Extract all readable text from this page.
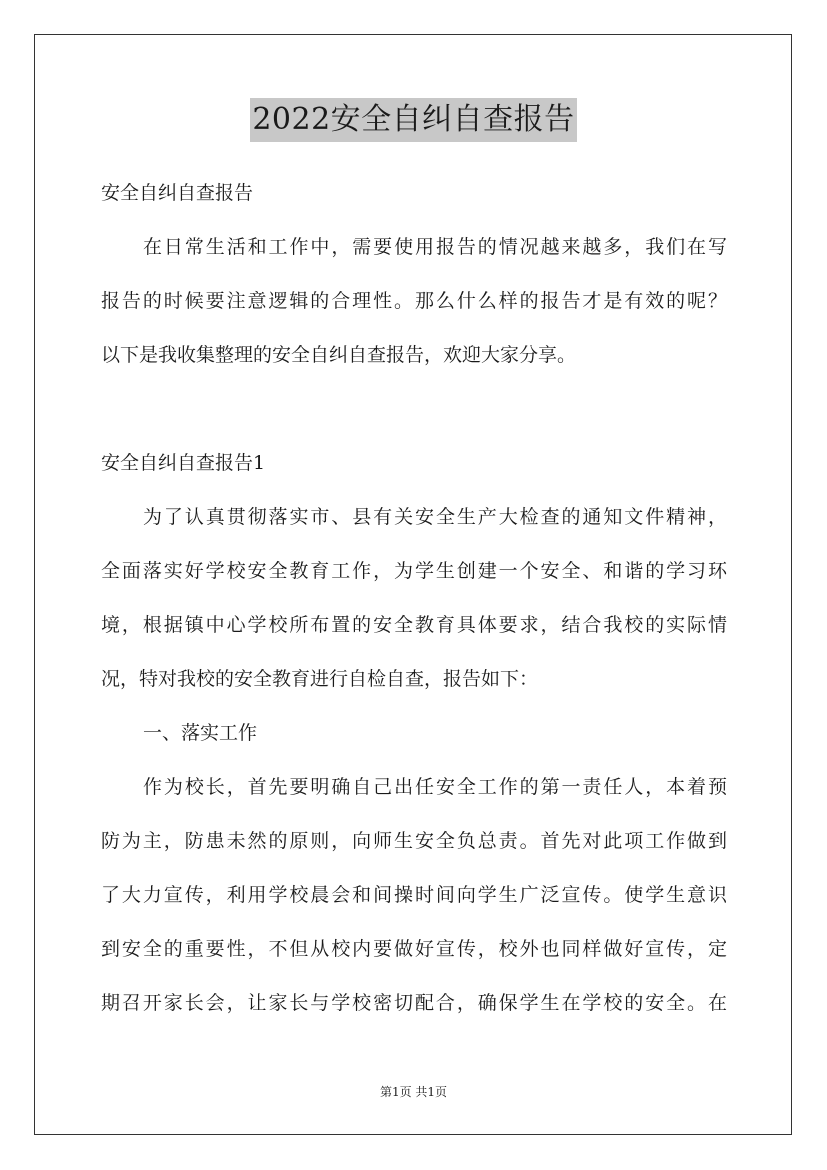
2022安全自纠自查报告
安全自纠自查报告
在日常生活和工作中，需要使用报告的情况越来越多，我们在写
报告的时候要注意逻辑的合理性。那么什么样的报告才是有效的呢？
以下是我收集整理的安全自纠自查报告，欢迎大家分享。
安全自纠自查报告1
为了认真贯彻落实市、县有关安全生产大检查的通知文件精神，
全面落实好学校安全教育工作，为学生创建一个安全、和谐的学习环
境，根据镇中心学校所布置的安全教育具体要求，结合我校的实际情
况，特对我校的安全教育进行自检自查，报告如下：
一、落实工作
作为校长，首先要明确自己出任安全工作的第一责任人，本着预
防为主，防患未然的原则，向师生安全负总责。首先对此项工作做到
了大力宣传，利用学校晨会和间操时间向学生广泛宣传。使学生意识
到安全的重要性，不但从校内要做好宣传，校外也同样做好宣传，定
期召开家长会，让家长与学校密切配合，确保学生在学校的安全。在
第1页 共1页
